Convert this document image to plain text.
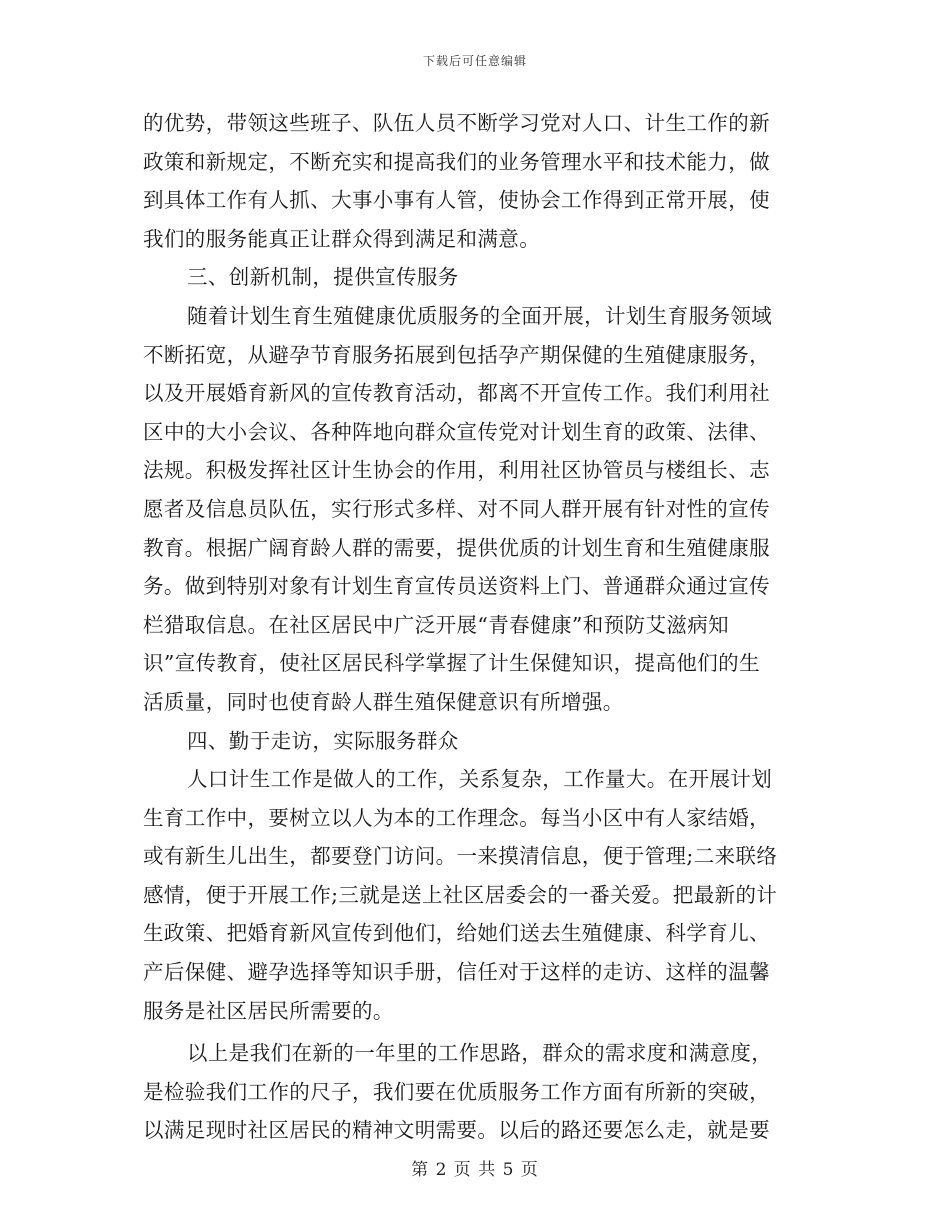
下载后可任意编辑
的优势，带领这些班子、队伍人员不断学习党对人口、计生工作的新
政策和新规定，不断充实和提高我们的业务管理水平和技术能力，做
到具体工作有人抓、大事小事有人管，使协会工作得到正常开展，使
我们的服务能真正让群众得到满足和满意。
三、创新机制，提供宣传服务
随着计划生育生殖健康优质服务的全面开展，计划生育服务领域
不断拓宽，从避孕节育服务拓展到包括孕产期保健的生殖健康服务，
以及开展婚育新风的宣传教育活动，都离不开宣传工作。我们利用社
区中的大小会议、各种阵地向群众宣传党对计划生育的政策、法律、
法规。积极发挥社区计生协会的作用，利用社区协管员与楼组长、志
愿者及信息员队伍，实行形式多样、对不同人群开展有针对性的宣传
教育。根据广阔育龄人群的需要，提供优质的计划生育和生殖健康服
务。做到特别对象有计划生育宣传员送资料上门、普通群众通过宣传
栏猎取信息。在社区居民中广泛开展“青春健康”和预防艾滋病知
识”宣传教育，使社区居民科学掌握了计生保健知识，提高他们的生
活质量，同时也使育龄人群生殖保健意识有所增强。
四、勤于走访，实际服务群众
人口计生工作是做人的工作，关系复杂，工作量大。在开展计划
生育工作中，要树立以人为本的工作理念。每当小区中有人家结婚，
或有新生儿出生，都要登门访问。一来摸清信息，便于管理;二来联络
感情，便于开展工作;三就是送上社区居委会的一番关爱。把最新的计
生政策、把婚育新风宣传到他们，给她们送去生殖健康、科学育儿、
产后保健、避孕选择等知识手册，信任对于这样的走访、这样的温馨
服务是社区居民所需要的。
以上是我们在新的一年里的工作思路，群众的需求度和满意度，
是检验我们工作的尺子，我们要在优质服务工作方面有所新的突破，
以满足现时社区居民的精神文明需要。以后的路还要怎么走，就是要
第 2 页 共 5 页
